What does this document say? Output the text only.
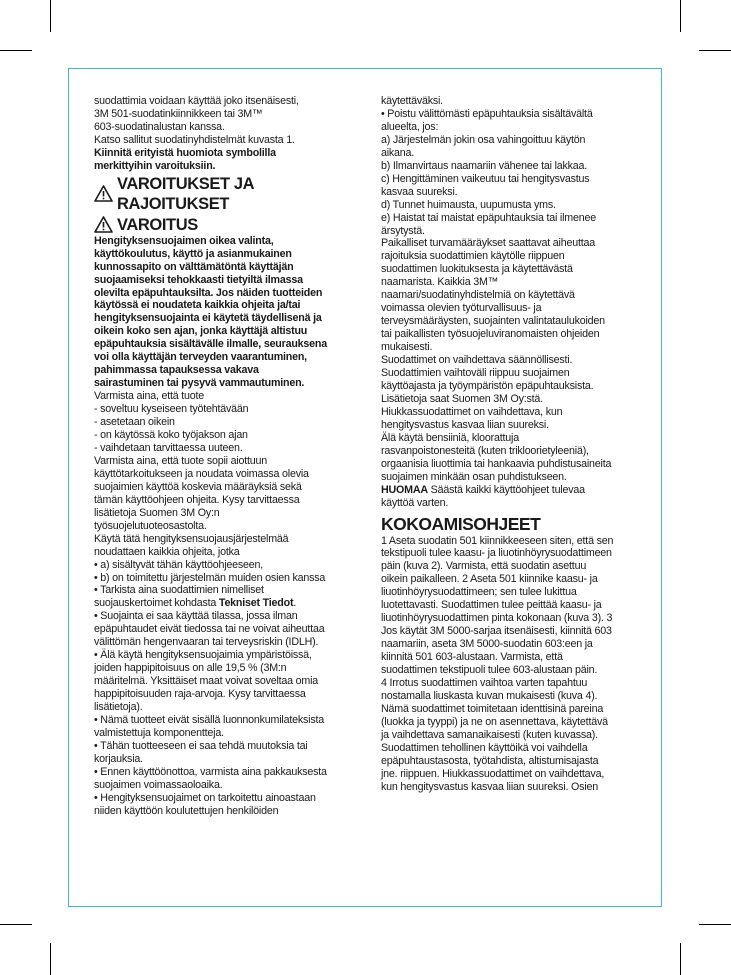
suodattimia voidaan käyttää joko itsenäisesti,
3M 501-suodatinkiinnikkeen tai 3M™
603-suodatinalustan kanssa.
Katso sallitut suodatinyhdistelmät kuvasta 1.

Kiinnitä erityistä huomiota symbolilla
merkittyihin varoituksiin.

VAROITUKSET JA RAJOITUKSET
VAROITUS

Hengityksensuojaimen oikea valinta,
käyttökoulutus, käyttö ja asianmukainen
kunnossapito on välttämätöntä käyttäjän
suojaamiseksi tehokkaasti tietyiltä ilmassa
olevilta epäpuhtauksilta. Jos näiden tuotteiden
käytössä ei noudateta kaikkia ohjeita ja/tai
hengityksensuojainta ei käytetä täydellisenä ja
oikein koko sen ajan, jonka käyttäjä altistuu
epäpuhtauksia sisältävälle ilmalle, seurauksena
voi olla käyttäjän terveyden vaarantuminen,
pahimmassa tapauksessa vakava
sairastuminen tai pysyvä vammautuminen.

Varmista aina, että tuote
- soveltuu kyseiseen työtehtävään
- asetetaan oikein
- on käytössä koko työjakson ajan
- vaihdetaan tarvittaessa uuteen.
Varmista aina, että tuote sopii aiottuun
käyttötarkoitukseen ja noudata voimassa olevia
suojaimien käyttöä koskevia määräyksiä sekä
tämän käyttöohjeen ohjeita. Kysy tarvittaessa
lisätietoja Suomen 3M Oy:n
työsuojelutuoteosastolta.
Käytä tätä hengityksensuojausjärjestelmää
noudattaen kaikkia ohjeita, jotka
• a) sisältyvät tähän käyttöohjeeseen,
• b) on toimitettu järjestelmän muiden osien kanssa
• Tarkista aina suodattimien nimelliset
suojauskertoimet kohdasta Tekniset Tiedot.

• Suojainta ei saa käyttää tilassa, jossa ilman
epäpuhtaudet eivät tiedossa tai ne voivat aiheuttaa
välittömän hengenvaaran tai terveysriskin (IDLH).
• Älä käytä hengityksensuojaimia ympäristöissä,
joiden happipitoisuus on alle 19,5 % (3M:n
määritelmä. Yksittäiset maat voivat soveltaa omia
happipitoisuuden raja-arvoja. Kysy tarvittaessa
lisätietoja).
• Nämä tuotteet eivät sisällä luonnonkumilateksista
valmistettuja komponentteja.
• Tähän tuotteeseen ei saa tehdä muutoksia tai
korjauksia.
• Ennen käyttöönottoa, varmista aina pakkauksesta
suojaimen voimassaoloaika.
• Hengityksensuojaimet on tarkoitettu ainoastaan
niiden käyttöön koulutettujen henkilöiden

käytettäväksi.
• Poistu välittömästi epäpuhtauksia sisältävältä
alueelta, jos:
a) Järjestelmän jokin osa vahingoittuu käytön
aikana.
b) Ilmanvirtaus naamariin vähenee tai lakkaa.
c) Hengittäminen vaikeutuu tai hengitysvastus
kasvaa suureksi.
d) Tunnet huimausta, uupumusta yms.
e) Haistat tai maistat epäpuhtauksia tai ilmenee
ärsytystä.
Paikalliset turvamääräykset saattavat aiheuttaa
rajoituksia suodattimien käytölle riippuen
suodattimen luokituksesta ja käytettävästä
naamarista. Kaikkia 3M™
naamari/suodatinyhdistelmiä on käytettävä
voimassa olevien työturvallisuus- ja
terveysmääräysten, suojainten valintataulukoiden
tai paikallisten työsuojeluviranomaisten ohjeiden
mukaisesti.
Suodattimet on vaihdettava säännöllisesti.
Suodattimien vaihtoväli riippuu suojaimen
käyttöajasta ja työympäristön epäpuhtauksista.
Lisätietoja saat Suomen 3M Oy:stä.
Hiukkassuodattimet on vaihdettava, kun
hengitysvastus kasvaa liian suureksi.
Älä käytä bensiiniä, kloorattuja
rasvanpoistonesteitä (kuten trikloorietyleeniä),
orgaanisia liuottimia tai hankaavia puhdistusaineita
suojaimen minkään osan puhdistukseen.

HUOMAA Säästä kaikki käyttöohjeet tulevaa
käyttöä varten.

KOKOAMISOHJEET

1 Aseta suodatin 501 kiinnikkeeseen siten, että sen
tekstipuoli tulee kaasu- ja liuotinhöyrysuodattimeen
päin (kuva 2). Varmista, että suodatin asettuu
oikein paikalleen. 2 Aseta 501 kiinnike kaasu- ja
liuotinhöyrysuodattimeen; sen tulee lukittua
luotettavasti. Suodattimen tulee peittää kaasu- ja
liuotinhöyrysuodattimen pinta kokonaan (kuva 3). 3
Jos käytät 3M 5000-sarjaa itsenäisesti, kiinnitä 603
naamariin, aseta 3M 5000-suodatin 603:een ja
kiinnitä 501 603-alustaan. Varmista, että
suodattimen tekstipuoli tulee 603-alustaan päin.
4 Irrotus suodattimen vaihtoa varten tapahtuu
nostamalla liuskasta kuvan mukaisesti (kuva 4).
Nämä suodattimet toimitetaan identtisinä pareina
(luokka ja tyyppi) ja ne on asennettava, käytettävä
ja vaihdettava samanaikaisesti (kuten kuvassa).
Suodattimen tehollinen käyttöikä voi vaihdella
epäpuhtaustasosta, työtahdista, altistumisajasta
jne. riippuen. Hiukkassuodattimet on vaihdettava,
kun hengitysvastus kasvaa liian suureksi. Osien
